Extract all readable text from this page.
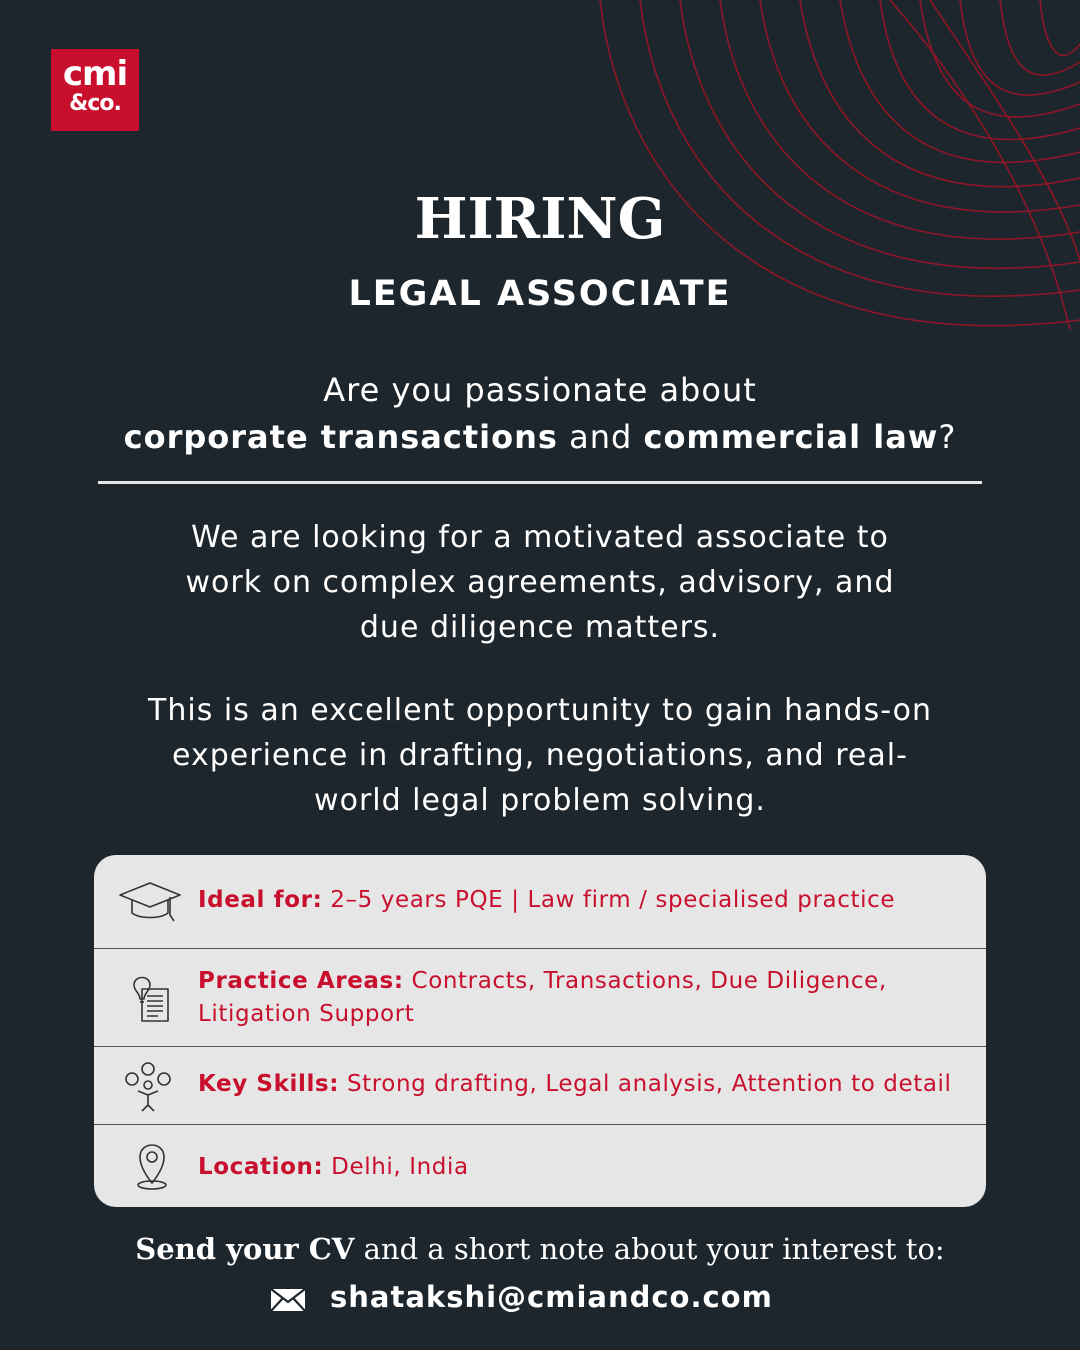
cmi
&co.
HIRING
LEGAL ASSOCIATE
Are you passionate about
corporate transactions and commercial law?
We are looking for a motivated associate to
work on complex agreements, advisory, and
due diligence matters.
This is an excellent opportunity to gain hands-on
experience in drafting, negotiations, and real-
world legal problem solving.
Ideal for: 2–5 years PQE | Law firm / specialised practice
Practice Areas: Contracts, Transactions, Due Diligence, Litigation Support
Key Skills: Strong drafting, Legal analysis, Attention to detail
Location: Delhi, India
Send your CV and a short note about your interest to:
shatakshi@cmiandco.com
